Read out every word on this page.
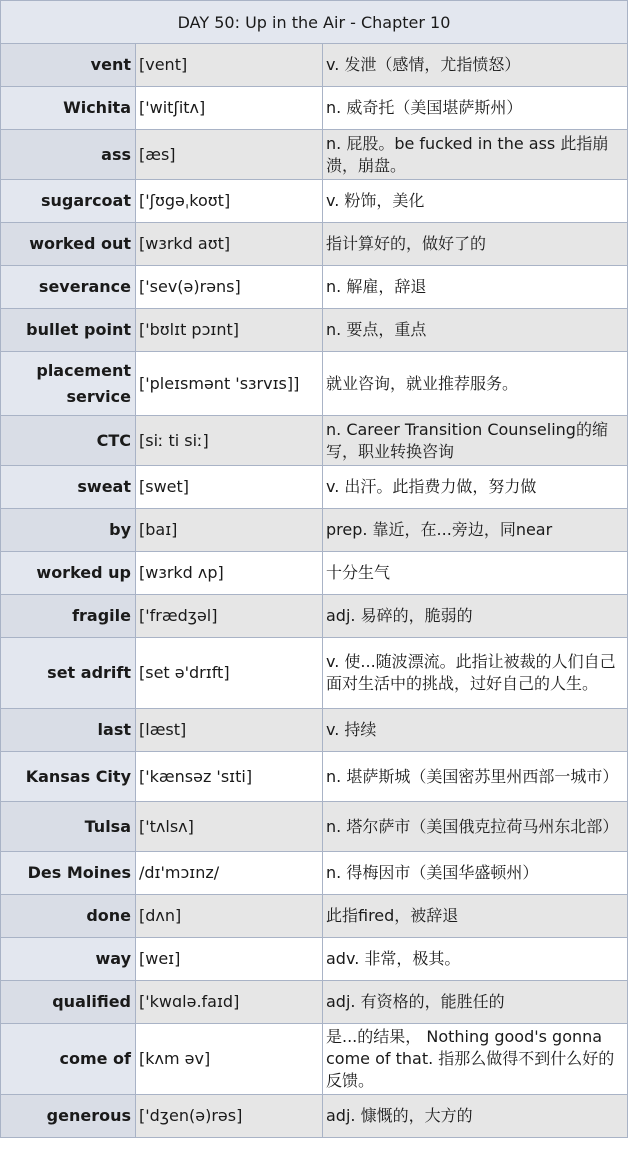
DAY 50: Up in the Air - Chapter 10		
vent	[vent]	v. 发泄（感情，尤指愤怒）
Wichita	['witʃitʌ]	n. 威奇托（美国堪萨斯州）
ass	[æs]	n. 屁股。be fucked in the ass 此指崩溃，崩盘。
sugarcoat	['ʃʊgəˌkoʊt]	v. 粉饰，美化
worked out	[wɜrkd aʊt]	指计算好的，做好了的
severance	['sev(ə)rəns]	n. 解雇，辞退
bullet point	['bʊlɪt pɔɪnt]	n. 要点，重点
placement service	['pleɪsmənt 'sɜrvɪs]]	就业咨询，就业推荐服务。
CTC	[siː ti siː]	n. Career Transition Counseling的缩写，职业转换咨询
sweat	[swet]	v. 出汗。此指费力做，努力做
by	[baɪ]	prep. 靠近，在...旁边，同near
worked up	[wɜrkd ʌp]	十分生气
fragile	['frædʒəl]	adj. 易碎的，脆弱的
set adrift	[set ə'drɪft]	v. 使...随波漂流。此指让被裁的人们自己面对生活中的挑战，过好自己的人生。
last	[læst]	v. 持续
Kansas City	['kænsəz 'sɪti]	n. 堪萨斯城（美国密苏里州西部一城市）
Tulsa	['tʌlsʌ]	n. 塔尔萨市（美国俄克拉荷马州东北部）
Des Moines	/dɪ'mɔɪnz/	n. 得梅因市（美国华盛顿州）
done	[dʌn]	此指fired，被辞退
way	[weɪ]	adv. 非常，极其。
qualified	['kwɑlə.faɪd]	adj. 有资格的，能胜任的
come of	[kʌm əv]	是...的结果， Nothing good's gonna come of that. 指那么做得不到什么好的反馈。
generous	['dʒen(ə)rəs]	adj. 慷慨的，大方的
